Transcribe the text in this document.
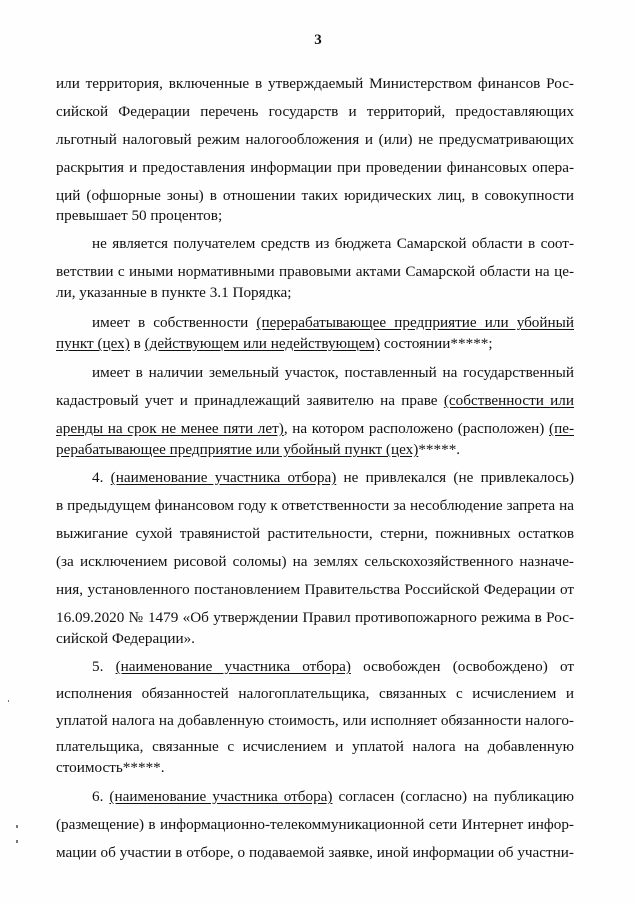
3
или территория, включенные в утверждаемый Министерством финансов Рос-
сийской Федерации перечень государств и территорий, предоставляющих
льготный налоговый режим налогообложения и (или) не предусматривающих
раскрытия и предоставления информации при проведении финансовых опера-
ций (офшорные зоны) в отношении таких юридических лиц, в совокупности
превышает 50 процентов;
не является получателем средств из бюджета Самарской области в соот-
ветствии с иными нормативными правовыми актами Самарской области на це-
ли, указанные в пункте 3.1 Порядка;
имеет в собственности (перерабатывающее предприятие или убойный
пункт (цех) в (действующем или недействующем) состоянии*****;
имеет в наличии земельный участок, поставленный на государственный
кадастровый учет и принадлежащий заявителю на праве (собственности или
аренды на срок не менее пяти лет), на котором расположено (расположен) (пе-
рерабатывающее предприятие или убойный пункт (цех)*****.
4. (наименование участника отбора) не привлекался (не привлекалось)
в предыдущем финансовом году к ответственности за несоблюдение запрета на
выжигание сухой травянистой растительности, стерни, пожнивных остатков
(за исключением рисовой соломы) на землях сельскохозяйственного назначе-
ния, установленного постановлением Правительства Российской Федерации от
16.09.2020 № 1479 «Об утверждении Правил противопожарного режима в Рос-
сийской Федерации».
5. (наименование участника отбора) освобожден (освобождено) от
исполнения обязанностей налогоплательщика, связанных с исчислением и
уплатой налога на добавленную стоимость, или исполняет обязанности налого-
плательщика, связанные с исчислением и уплатой налога на добавленную
стоимость*****.
6. (наименование участника отбора) согласен (согласно) на публикацию
(размещение) в информационно-телекоммуникационной сети Интернет инфор-
мации об участии в отборе, о подаваемой заявке, иной информации об участни-
